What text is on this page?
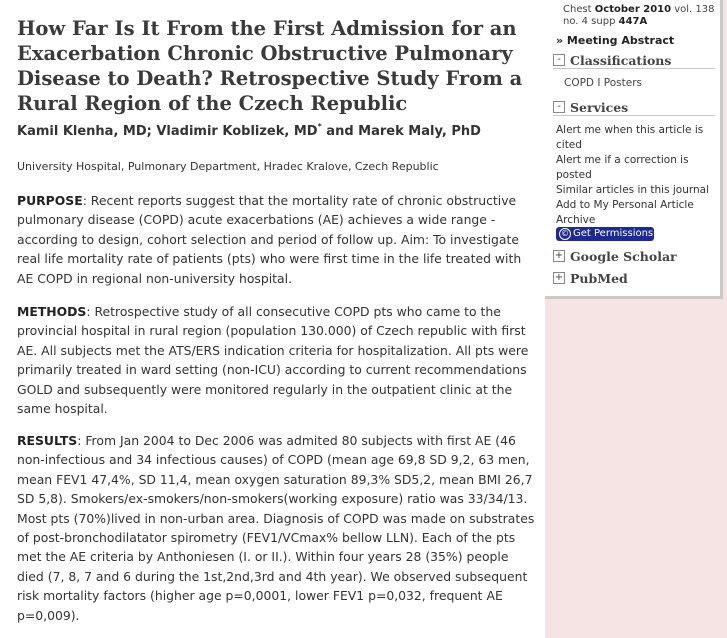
How Far Is It From the First Admission for an Exacerbation Chronic Obstructive Pulmonary Disease to Death? Retrospective Study From a Rural Region of the Czech Republic
Kamil Klenha, MD; Vladimir Koblizek, MD* and Marek Maly, PhD
University Hospital, Pulmonary Department, Hradec Kralove, Czech Republic

PURPOSE: Recent reports suggest that the mortality rate of chronic obstructive pulmonary disease (COPD) acute exacerbations (AE) achieves a wide range - according to design, cohort selection and period of follow up. Aim: To investigate real life mortality rate of patients (pts) who were first time in the life treated with AE COPD in regional non-university hospital.

METHODS: Retrospective study of all consecutive COPD pts who came to the provincial hospital in rural region (population 130.000) of Czech republic with first AE. All subjects met the ATS/ERS indication criteria for hospitalization. All pts were primarily treated in ward setting (non-ICU) according to current recommendations GOLD and subsequently were monitored regularly in the outpatient clinic at the same hospital.

RESULTS: From Jan 2004 to Dec 2006 was admited 80 subjects with first AE (46 non-infectious and 34 infectious causes) of COPD (mean age 69,8 SD 9,2, 63 men, mean FEV1 47,4%, SD 11,4, mean oxygen saturation 89,3% SD5,2, mean BMI 26,7 SD 5,8). Smokers/ex-smokers/non-smokers(working exposure) ratio was 33/34/13. Most pts (70%)lived in non-urban area. Diagnosis of COPD was made on substrates of post-bronchodilatator spirometry (FEV1/VCmax% bellow LLN). Each of the pts met the AE criteria by Anthoniesen (I. or II.). Within four years 28 (35%) people died (7, 8, 7 and 6 during the 1st,2nd,3rd and 4th year). We observed subsequent risk mortality factors (higher age p=0,0001, lower FEV1 p=0,032, frequent AE p=0,009).

Chest October 2010 vol. 138 no. 4 supp 447A
» Meeting Abstract
- Classifications
COPD I Posters
- Services
Alert me when this article is cited
Alert me if a correction is posted
Similar articles in this journal
Add to My Personal Article Archive
© Get Permissions
+ Google Scholar
+ PubMed
